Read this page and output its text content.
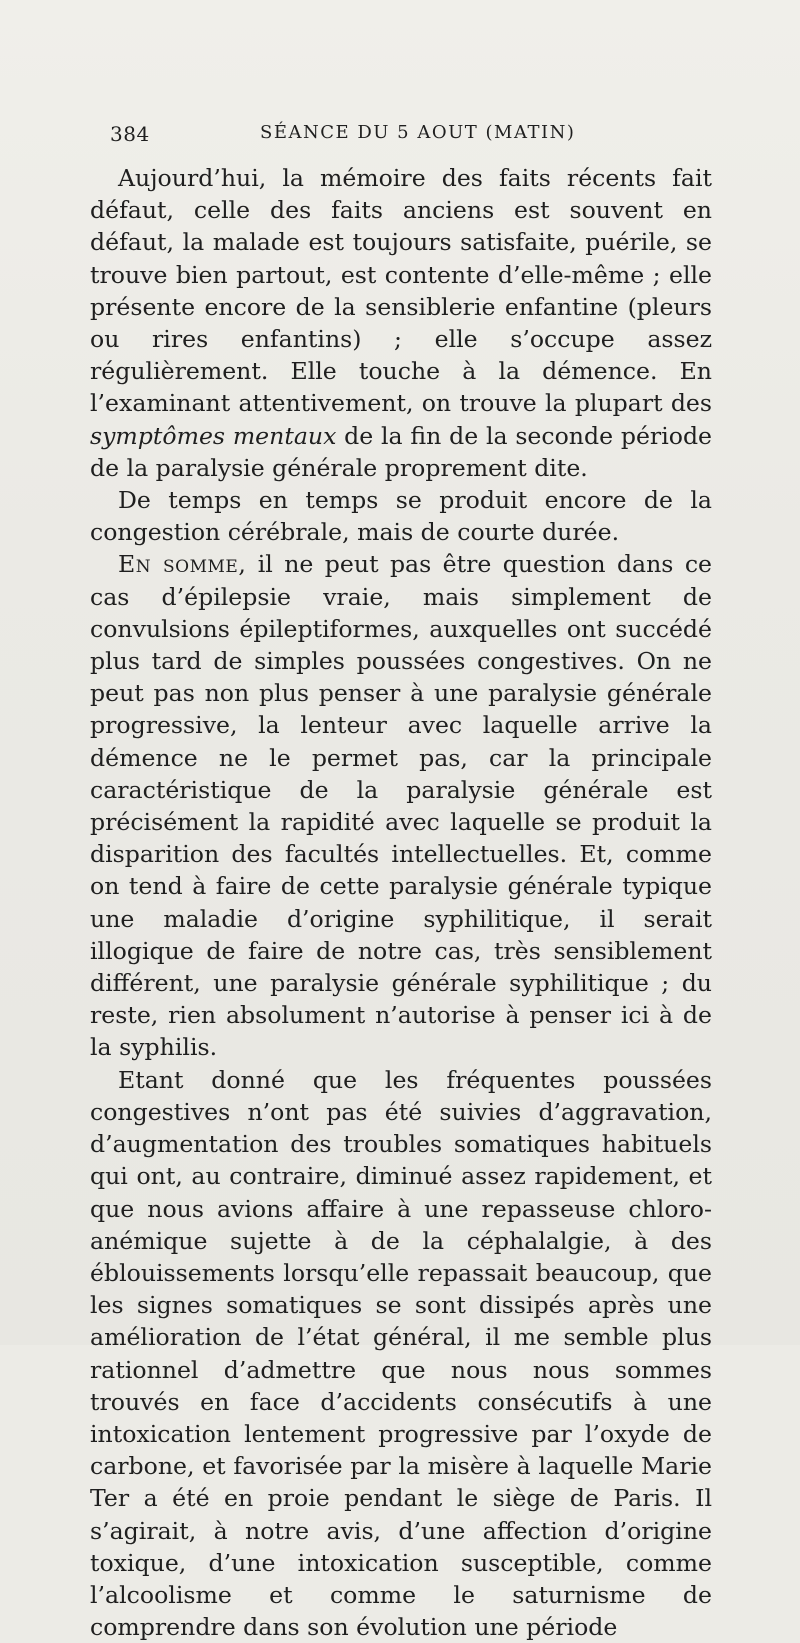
384	SÉANCE DU 5 AOUT (MATIN)

Aujourd’hui, la mémoire des faits récents fait défaut, celle des faits anciens est souvent en défaut, la malade est toujours satisfaite, puérile, se trouve bien partout, est contente d’elle-même ; elle présente encore de la sensiblerie enfantine (pleurs ou rires enfantins) ; elle s’occupe assez régulièrement. Elle touche à la démence. En l’examinant attentivement, on trouve la plupart des symptômes mentaux de la fin de la seconde période de la paralysie générale proprement dite.

De temps en temps se produit encore de la congestion cérébrale, mais de courte durée.

En somme, il ne peut pas être question dans ce cas d’épilepsie vraie, mais simplement de convulsions épileptiformes, auxquelles ont succédé plus tard de simples poussées congestives. On ne peut pas non plus penser à une paralysie générale progressive, la lenteur avec laquelle arrive la démence ne le permet pas, car la principale caractéristique de la paralysie générale est précisément la rapidité avec laquelle se produit la disparition des facultés intellectuelles. Et, comme on tend à faire de cette paralysie générale typique une maladie d’origine syphilitique, il serait illogique de faire de notre cas, très sensiblement différent, une paralysie générale syphilitique ; du reste, rien absolument n’autorise à penser ici à de la syphilis.

Etant donné que les fréquentes poussées congestives n’ont pas été suivies d’aggravation, d’augmentation des troubles somatiques habituels qui ont, au contraire, diminué assez rapidement, et que nous avions affaire à une repasseuse chloro-anémique sujette à de la céphalalgie, à des éblouissements lorsqu’elle repassait beaucoup, que les signes somatiques se sont dissipés après une amélioration de l’état général, il me semble plus rationnel d’admettre que nous nous sommes trouvés en face d’accidents consécutifs à une intoxication lentement progressive par l’oxyde de carbone, et favorisée par la misère à laquelle Marie Ter a été en proie pendant le siège de Paris. Il s’agirait, à notre avis, d’une affection d’origine toxique, d’une intoxication susceptible, comme l’alcoolisme et comme le saturnisme de comprendre dans son évolution une période
